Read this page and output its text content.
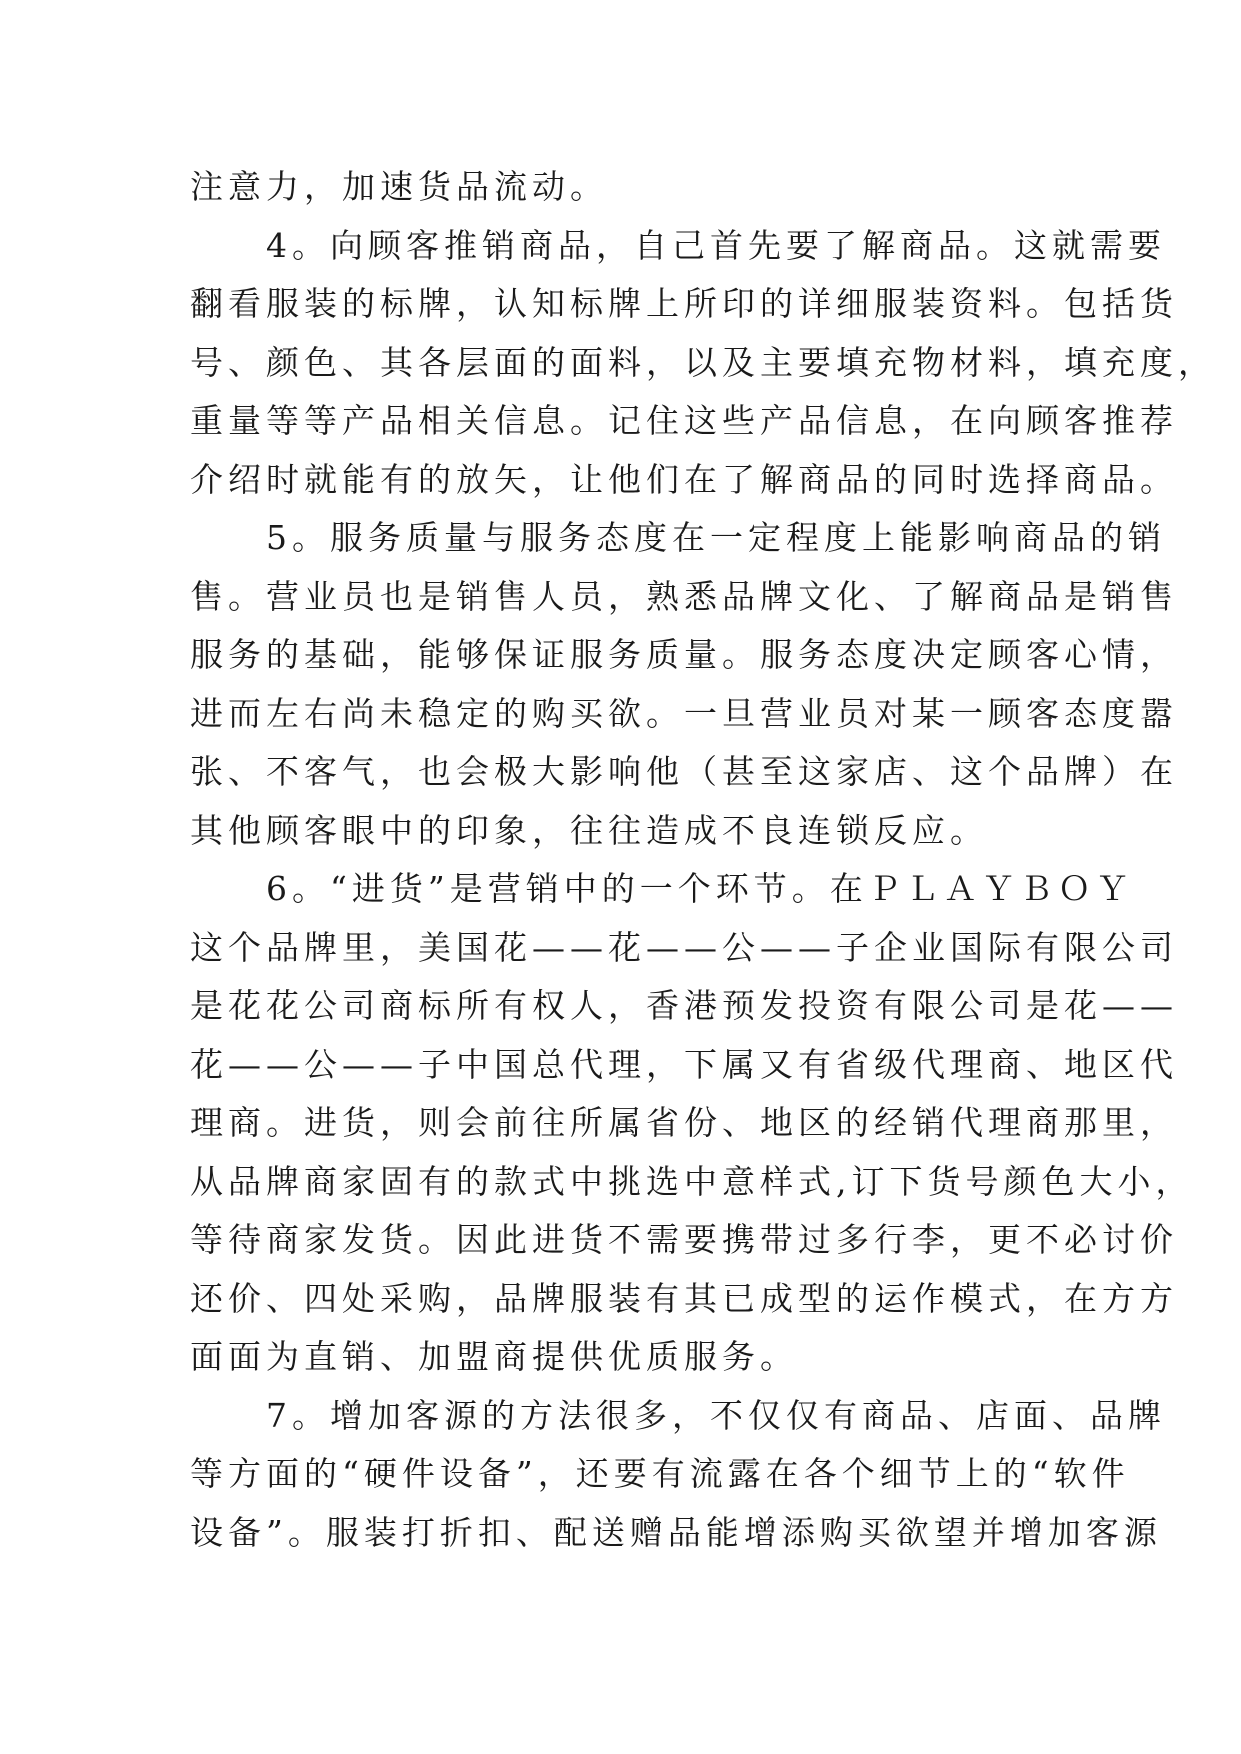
注意力，加速货品流动。
　　4。向顾客推销商品，自己首先要了解商品。这就需要
翻看服装的标牌，认知标牌上所印的详细服装资料。包括货
号、颜色、其各层面的面料，以及主要填充物材料，填充度，
重量等等产品相关信息。记住这些产品信息，在向顾客推荐
介绍时就能有的放矢，让他们在了解商品的同时选择商品。
　　5。服务质量与服务态度在一定程度上能影响商品的销
售。营业员也是销售人员，熟悉品牌文化、了解商品是销售
服务的基础，能够保证服务质量。服务态度决定顾客心情，
进而左右尚未稳定的购买欲。一旦营业员对某一顾客态度嚣
张、不客气，也会极大影响他（甚至这家店、这个品牌）在
其他顾客眼中的印象，往往造成不良连锁反应。
　　6。“进货”是营销中的一个环节。在ＰＬＡＹＢＯＹ
这个品牌里，美国花——花——公——子企业国际有限公司
是花花公司商标所有权人，香港预发投资有限公司是花——
花——公——子中国总代理，下属又有省级代理商、地区代
理商。进货，则会前往所属省份、地区的经销代理商那里，
从品牌商家固有的款式中挑选中意样式,订下货号颜色大小，
等待商家发货。因此进货不需要携带过多行李，更不必讨价
还价、四处采购，品牌服装有其已成型的运作模式，在方方
面面为直销、加盟商提供优质服务。
　　7。增加客源的方法很多，不仅仅有商品、店面、品牌
等方面的“硬件设备”，还要有流露在各个细节上的“软件
设备”。服装打折扣、配送赠品能增添购买欲望并增加客源
